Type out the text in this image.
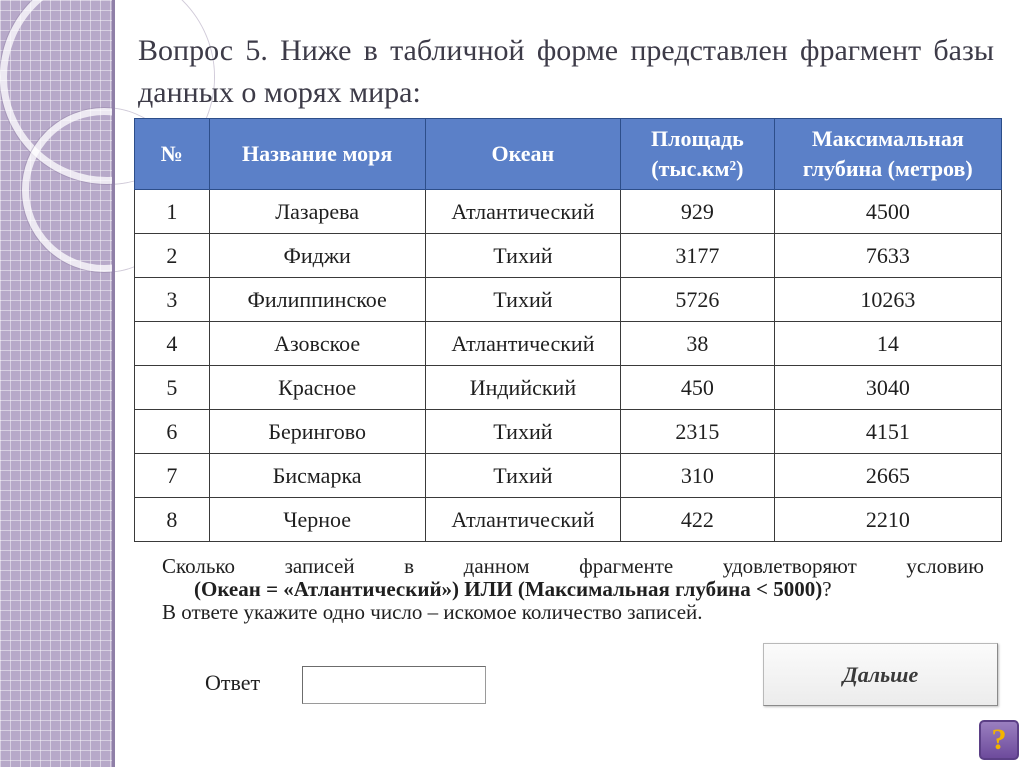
Вопрос 5. Ниже в табличной форме представлен фрагмент базы данных о морях мира:
№	Название моря	Океан	Площадь (тыс.км²)	Максимальная глубина (метров)
1	Лазарева	Атлантический	929	4500
2	Фиджи	Тихий	3177	7633
3	Филиппинское	Тихий	5726	10263
4	Азовское	Атлантический	38	14
5	Красное	Индийский	450	3040
6	Берингово	Тихий	2315	4151
7	Бисмарка	Тихий	310	2665
8	Черное	Атлантический	422	2210
Сколько записей в данном фрагменте удовлетворяют условию
(Океан = «Атлантический») ИЛИ (Максимальная глубина < 5000)?
В ответе укажите одно число – искомое количество записей.
Ответ	Дальше
?
